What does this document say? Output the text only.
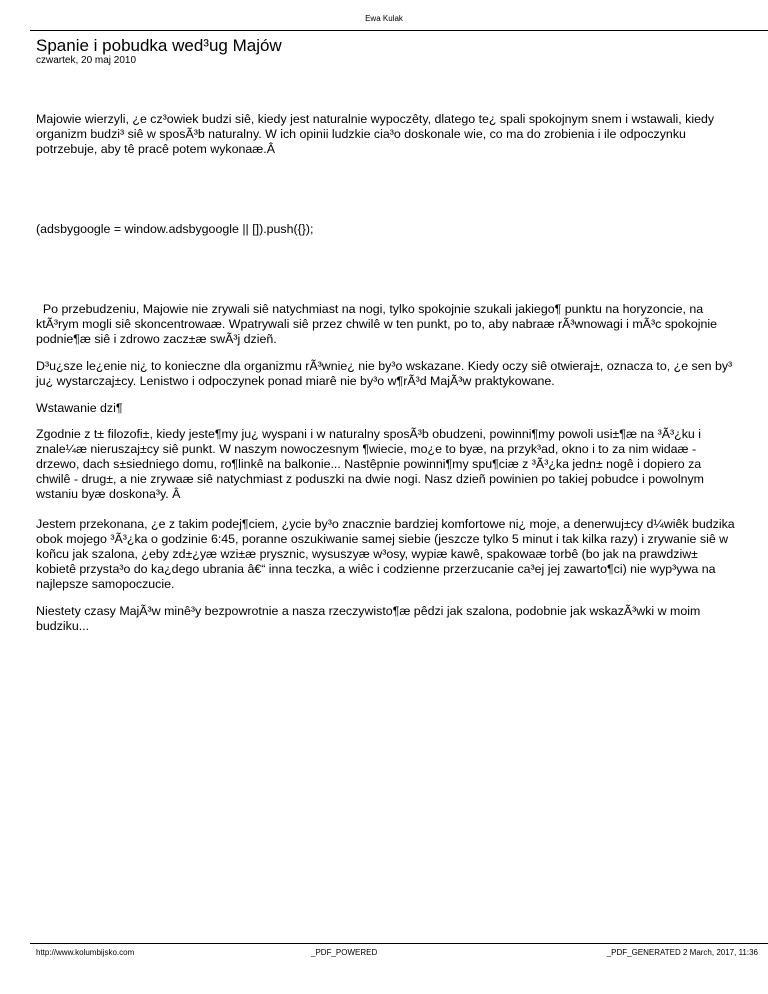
Ewa Kulak
Spanie i pobudka wed³ug Majów
czwartek, 20 maj 2010

Majowie wierzyli, ¿e cz³owiek budzi siê, kiedy jest naturalnie wypoczêty, dlatego te¿ spali spokojnym snem i wstawali, kiedy organizm budzi³ siê w sposÃ³b naturalny. W ich opinii ludzkie cia³o doskonale wie, co ma do zrobienia i ile odpoczynku potrzebuje, aby tê pracê potem wykonaæ.Â

(adsbygoogle = window.adsbygoogle || []).push({});

Po przebudzeniu, Majowie nie zrywali siê natychmiast na nogi, tylko spokojnie szukali jakiego¶ punktu na horyzoncie, na ktÃ³rym mogli siê skoncentrowaæ. Wpatrywali siê przez chwilê w ten punkt, po to, aby nabraæ rÃ³wnowagi i mÃ³c spokojnie podnie¶æ siê i zdrowo zacz±æ swÃ³j dzieñ.

D³u¿sze le¿enie ni¿ to konieczne dla organizmu rÃ³wnie¿ nie by³o wskazane. Kiedy oczy siê otwieraj±, oznacza to, ¿e sen by³ ju¿ wystarczaj±cy. Lenistwo i odpoczynek ponad miarê nie by³o w¶rÃ³d MajÃ³w praktykowane.

Wstawanie dzi¶

Zgodnie z t± filozofi±, kiedy jeste¶my ju¿ wyspani i w naturalny sposÃ³b obudzeni, powinni¶my powoli usi±¶æ na ³Ã³¿ku i znale¼æ nieruszaj±cy siê punkt. W naszym nowoczesnym ¶wiecie, mo¿e to byæ, na przyk³ad, okno i to za nim widaæ - drzewo, dach s±siedniego domu, ro¶linkê na balkonie... Nastêpnie powinni¶my spu¶ciæ z ³Ã³¿ka jedn± nogê i dopiero za chwilê - drug±, a nie zrywaæ siê natychmiast z poduszki na dwie nogi. Nasz dzieñ powinien po takiej pobudce i powolnym wstaniu byæ doskona³y. Â

Jestem przekonana, ¿e z takim podej¶ciem, ¿ycie by³o znacznie bardziej komfortowe ni¿ moje, a denerwuj±cy d¼wiêk budzika obok mojego ³Ã³¿ka o godzinie 6:45, poranne oszukiwanie samej siebie (jeszcze tylko 5 minut i tak kilka razy) i zrywanie siê w koñcu jak szalona, ¿eby zd±¿yæ wzi±æ prysznic, wysuszyæ w³osy, wypiæ kawê, spakowaæ torbê (bo jak na prawdziw± kobietê przysta³o do ka¿dego ubrania â€“ inna teczka, a wiêc i codzienne przerzucanie ca³ej jej zawarto¶ci) nie wyp³ywa na najlepsze samopoczucie.

Niestety czasy MajÃ³w minê³y bezpowrotnie a nasza rzeczywisto¶æ pêdzi jak szalona, podobnie jak wskazÃ³wki w moim budziku...

http://www.kolumbijsko.com	_PDF_POWERED	_PDF_GENERATED 2 March, 2017, 11:36
